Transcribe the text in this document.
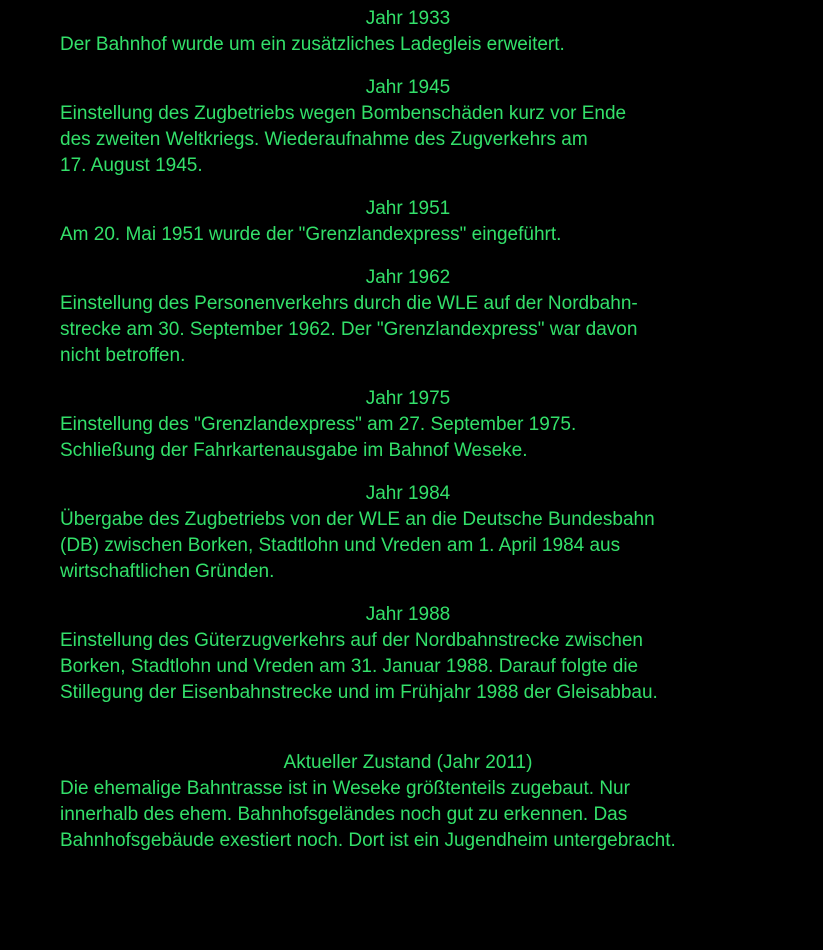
Jahr 1933
Der Bahnhof wurde um ein zusätzliches Ladegleis erweitert.
Jahr 1945
Einstellung des Zugbetriebs wegen Bombenschäden kurz vor Ende
des zweiten Weltkriegs. Wiederaufnahme des Zugverkehrs am
17. August 1945.
Jahr 1951
Am 20. Mai 1951 wurde der "Grenzlandexpress" eingeführt.
Jahr 1962
Einstellung des Personenverkehrs durch die WLE auf der Nordbahn-
strecke am 30. September 1962. Der "Grenzlandexpress" war davon
nicht betroffen.
Jahr 1975
Einstellung des "Grenzlandexpress" am 27. September 1975.
Schließung der Fahrkartenausgabe im Bahnof Weseke.
Jahr 1984
Übergabe des Zugbetriebs von der WLE an die Deutsche Bundesbahn
(DB) zwischen Borken, Stadtlohn und Vreden am 1. April 1984 aus
wirtschaftlichen Gründen.
Jahr 1988
Einstellung des Güterzugverkehrs auf der Nordbahnstrecke zwischen
Borken, Stadtlohn und Vreden am 31. Januar 1988. Darauf folgte die
Stillegung der Eisenbahnstrecke und im Frühjahr 1988 der Gleisabbau.
Aktueller Zustand (Jahr 2011)
Die ehemalige Bahntrasse ist in Weseke größtenteils zugebaut. Nur
innerhalb des ehem. Bahnhofsgeländes noch gut zu erkennen. Das
Bahnhofsgebäude exestiert noch. Dort ist ein Jugendheim untergebracht.
